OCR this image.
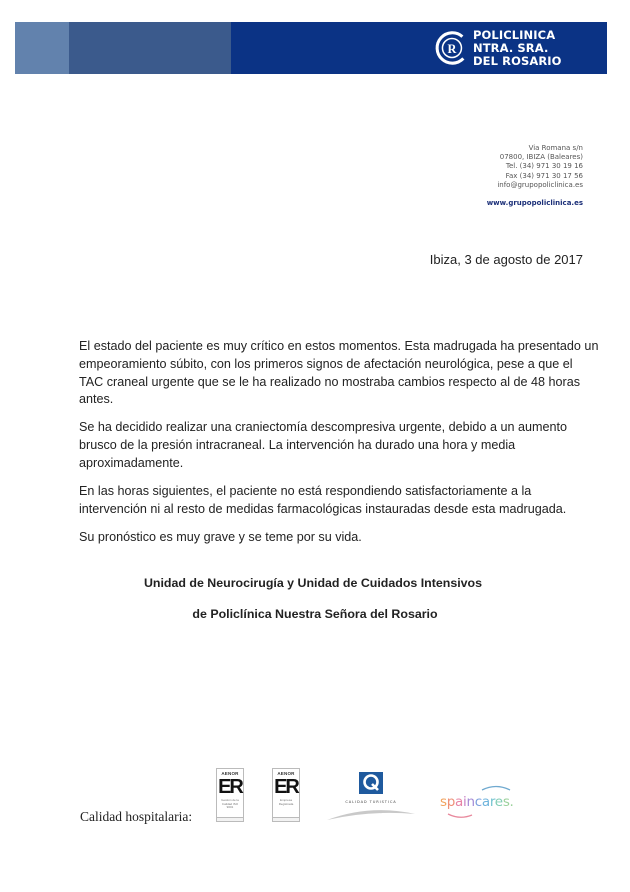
R
POLICLINICA
NTRA. SRA.
DEL ROSARIO
Via Romana s/n
07800, IBIZA (Baleares)
Tel. (34) 971 30 19 16
Fax (34) 971 30 17 56
info@grupopoliclinica.es
www.grupopoliclinica.es
Ibiza, 3 de agosto de 2017

El estado del paciente es muy crítico en estos momentos. Esta madrugada ha presentado un empeoramiento súbito, con los primeros signos de afectación neurológica, pese a que el TAC craneal urgente que se le ha realizado no mostraba cambios respecto al de 48 horas antes.

Se ha decidido realizar una craniectomía descompresiva urgente, debido a un aumento brusco de la presión intracraneal. La intervención ha durado una hora y media aproximadamente.

En las horas siguientes, el paciente no está respondiendo satisfactoriamente a la intervención ni al resto de medidas farmacológicas instauradas desde esta madrugada.

Su pronóstico es muy grave y se teme por su vida.

Unidad de Neurocirugía y Unidad de Cuidados Intensivos
de Policlínica Nuestra Señora del Rosario
Calidad hospitalaria:
AENOR
ER
Gestión de la Calidad ISO 9001
AENOR
ER
Empresa Registrada	CALIDAD TURISTICA	spaincares.
